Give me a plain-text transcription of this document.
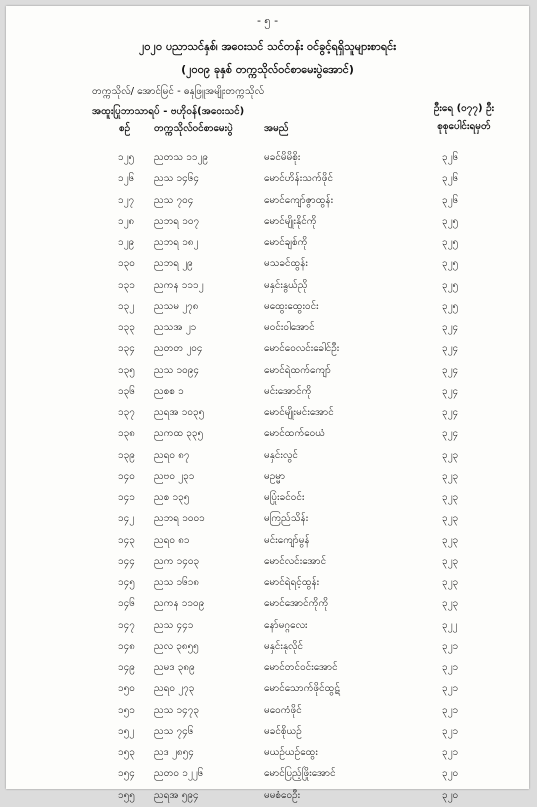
- ၅ -
၂၀၂၀ ပညာသင်နှစ်၊ အဝေးသင် သင်တန်း ဝင်ခွင့်ရရှိသူများစာရင်း
(၂၀၀၉ ခုနှစ် တက္ကသိုလ်ဝင်စာမေးပွဲအောင်)
တက္ကသိုလ်/ အောင်မြင် - ဓနုဖြူအမျိုးတက္ကသိုလ်
အထူးပြုဘာသာရပ် - ဗဟိုဝန်(အဝေးသင်)	ဦးရေ (၀၇၇) ဦး
စဉ် တက္ကသိုလ်ဝင်စာမေးပွဲ	အမည်	စုစုပေါင်းရမှတ်
၁၂၅ ညတသ ၁၁၂၉	မခင်မိမိစိုး	၃၂၆
၁၂၆ ညသ ၁၄၆၄	မောင်ဟိန်းသက်ဖိုင်	၃၂၆
၁၂၇ ညသ ၇၀၄	မောင်ကျော်ဇွာထွန်း	၃၂၆
၁၂၈ ညဘရ ၁၀၇	မောင်မျိုးနိုင်ကို	၃၂၅
၁၂၉ ညဘရ ၁၈၂	မောင်ချစ်ကို	၃၂၅
၁၃၀ ညဘရ ၂၉	မသခင်ထွန်း	၃၂၅
၁၃၁ ညကန ၁၁၁၂	မနှင်းနွယ်ညို	၃၂၅
၁၃၂ ညသမ ၂၇၈	မထွေးထွေးဝင်း	၃၂၅
၁၃၃ ညသအ ၂၁	မဝင်းဝါအောင်	၃၂၄
၁၃၄ ညတတ ၂၀၄	မောင်ဝေလင်းခေါင်ဦး	၃၂၄
၁၃၅ ညသ ၁၀၉၄	မောင်ရဲထက်ကျော်	၃၂၄
၁၃၆ ညစစ ၁	မင်းအောင်ကို	၃၂၄
၁၃၇ ညရအ ၁၀၃၅	မောင်မျိုးမင်းအောင်	၃၂၄
၁၃၈ ညကထ ၃၃၅	မောင်ထက်ဝေယံ	၃၂၄
၁၃၉ ညရဝ ၈၇	မနှင်းလွင်	၃၂၃
၁၄၀ ညဗ၀ ၂၃၁	မဥမ္မာ	၃၂၃
၁၄၁ ညစ ၁၃၅	မပြုံးခင်ဝင်း	၃၂၃
၁၄၂ ညဘရ ၁၀၀၁	မကြည်သိန်း	၃၂၃
၁၄၃ ညရဝ ၈၁	မင်းကျော်မွန်	၃၂၃
၁၄၄ ညက ၁၄၀၃	မောင်လင်းအောင်	၃၂၃
၁၄၅ ညသ ၁၆၁၈	မောင်ရဲရင့်ထွန်း	၃၂၃
၁၄၆ ညကန ၁၁၀၉	မောင်အောင်ကိုကို	၃၂၃
၁၄၇ ညသ ၄၄၁	နော်မဂ္ဂလေး	၃၂၂
၁၄၈ ညလ ၃၈၅၅	မနှင်းနုလိုင်	၃၂၁
၁၄၉ ညမဒ ၃၈၉	မောင်တင်ဝင်းအောင်	၃၂၁
၁၅၀ ညရဝ ၂၇၃	မောင်သောက်ဖိုင်ထွဋ်	၃၂၁
၁၅၁ ညသ ၁၄၇၃	မဝေကံဖိုင်	၃၂၁
၁၅၂ ညသ ၇၄၆	မခင်စိုယဉ်	၃၂၁
၁၅၃ ညဒ ၂၈၅၄	မယဉ်ယဉ်ထွေး	၃၂၁
၁၅၄ ညတဝ ၁၂၂၆	မောင်ပြည့်ဖြိုးအောင်	၃၂၀
၁၅၅ ညရအ ၅၉၄	မမစံဝေဦး	၃၂၀
